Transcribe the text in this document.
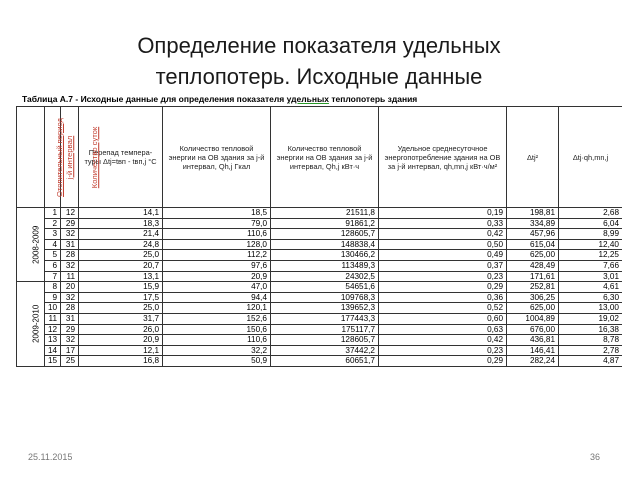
Определение показателя удельных
теплопотерь. Исходные данные
Таблица А.7 - Исходные данные для определения показателя удельных теплопотерь здания
Отопительный период	j-й интервал	Количество суток	Перепад темпера-туры Δtj=tвп - tвп,j °C	Количество тепловой энергии на ОВ здания за j-й интервал, Qh,j Гкал	Количество тепловой энергии на ОВ здания за j-й интервал, Qh,j кВт·ч	Удельное среднесуточное энергопотребление здания на ОВ за j-й интервал, qh,mn,j кВт·ч/м²	Δtj²	Δtj·qh,mn,j
2008-2009	1	12	14,1	18,5	21511,8	0,19	198,81	2,68
	2	29	18,3	79,0	91861,2	0,33	334,89	6,04
	3	32	21,4	110,6	128605,7	0,42	457,96	8,99
	4	31	24,8	128,0	148838,4	0,50	615,04	12,40
	5	28	25,0	112,2	130466,2	0,49	625,00	12,25
	6	32	20,7	97,6	113489,3	0,37	428,49	7,66
	7	11	13,1	20,9	24302,5	0,23	171,61	3,01
2009-2010	8	20	15,9	47,0	54651,6	0,29	252,81	4,61
	9	32	17,5	94,4	109768,3	0,36	306,25	6,30
	10	28	25,0	120,1	139652,3	0,52	625,00	13,00
	11	31	31,7	152,6	177443,3	0,60	1004,89	19,02
	12	29	26,0	150,6	175117,7	0,63	676,00	16,38
	13	32	20,9	110,6	128605,7	0,42	436,81	8,78
	14	17	12,1	32,2	37442,2	0,23	146,41	2,78
	15	25	16,8	50,9	60651,7	0,29	282,24	4,87
25.11.2015	36
